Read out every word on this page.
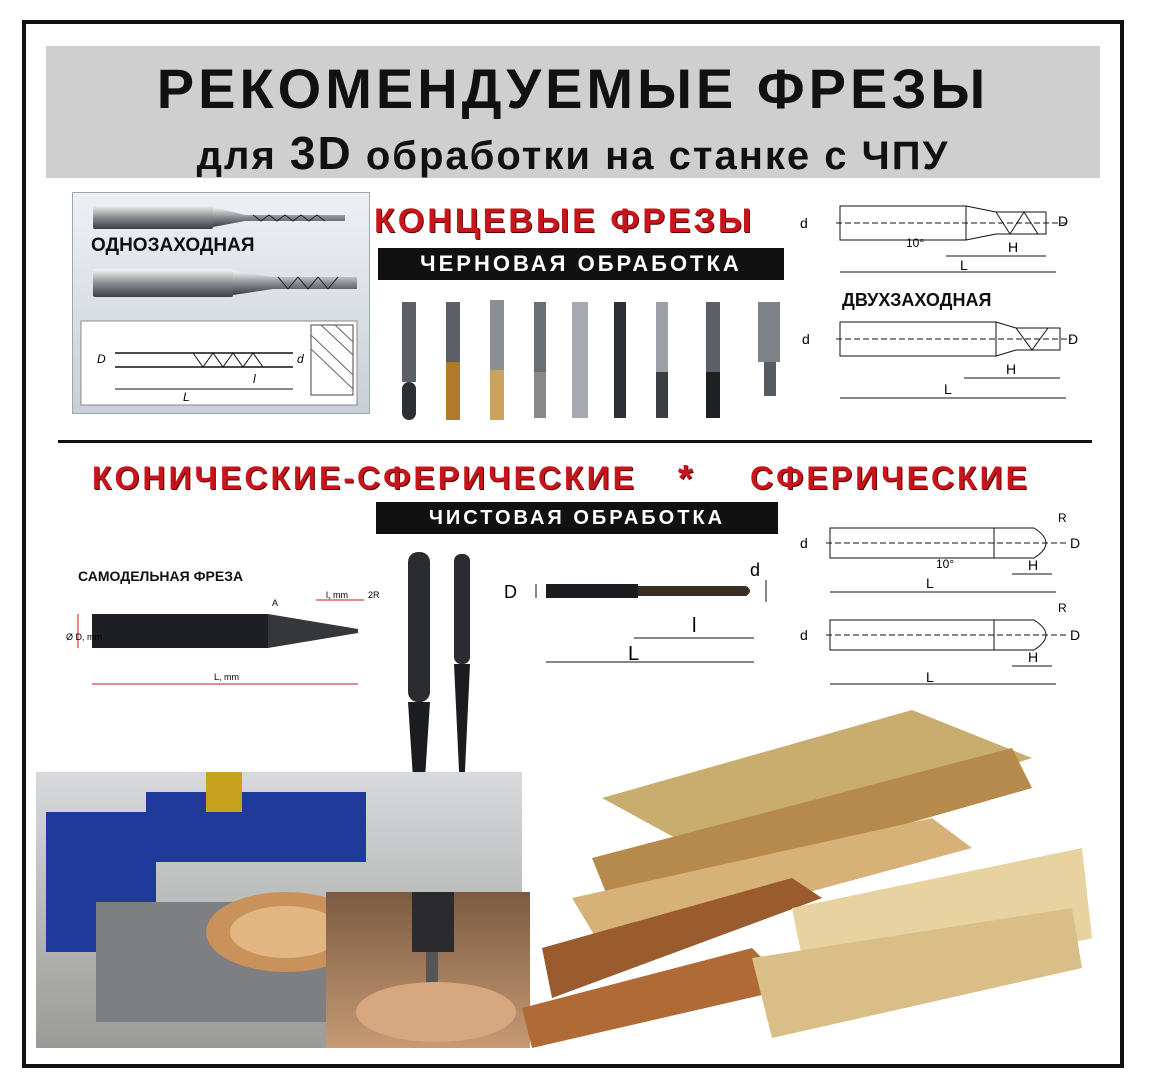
РЕКОМЕНДУЕМЫЕ ФРЕЗЫ
для 3D обработки на станке с ЧПУ
D	d
L
l
ОДНОЗАХОДНАЯ
КОНЦЕВЫЕ ФРЕЗЫ
ЧЕРНОВАЯ ОБРАБОТКА
d	D
10°	H
L
d	D
H
L
ДВУХЗАХОДНАЯ
КОНИЧЕСКИЕ-СФЕРИЧЕСКИЕ * СФЕРИЧЕСКИЕ
ЧИСТОВАЯ ОБРАБОТКА
САМОДЕЛЬНАЯ ФРЕЗА
Ø D, mm
L, mm
l, mm
A
2R	D
d
l
L
d	D
R
10°	H
L
d	D
R
H
L
